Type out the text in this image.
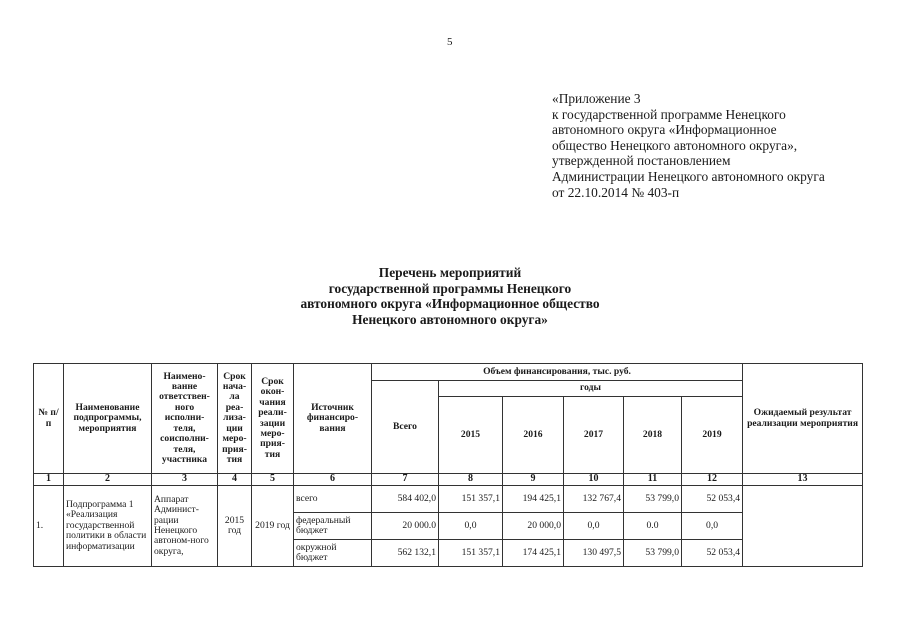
5
«Приложение 3
к государственной программе Ненецкого
автономного округа «Информационное
общество Ненецкого автономного округа»,
утвержденной постановлением
Администрации Ненецкого автономного округа
от 22.10.2014 № 403-п
Перечень мероприятий
государственной программы Ненецкого
автономного округа «Информационное общество
Ненецкого автономного округа»
№ п/п	Наименование подпрограммы, мероприятия	Наимено-ванне ответствен-ного исполни-теля, соисполни-теля, участника	Срок нача-ла реа-лиза-ции меро-прия-тия	Срок окон-чания реали-зации меро-прия-тия	Источник финансиро-вания	Объем финансирования, тыс. руб.						Ожидаемый результат реализации мероприятия
						Всего	годы					
							2015	2016	2017	2018	2019	
1	2	3	4	5	6	7	8	9	10	11	12	13
1.	Подпрограмма 1 «Реализация государственной политики в области информатизации	Аппарат Админист-рации Ненецкого автоном-ного округа,	2015 год	2019 год	всего	584 402,0	151 357,1	194 425,1	132 767,4	53 799,0	52 053,4	
					федеральный бюджет	20 000.0	0,0	20 000,0	0,0	0.0	0,0	
					окружной бюджет	562 132,1	151 357,1	174 425,1	130 497,5	53 799,0	52 053,4	
